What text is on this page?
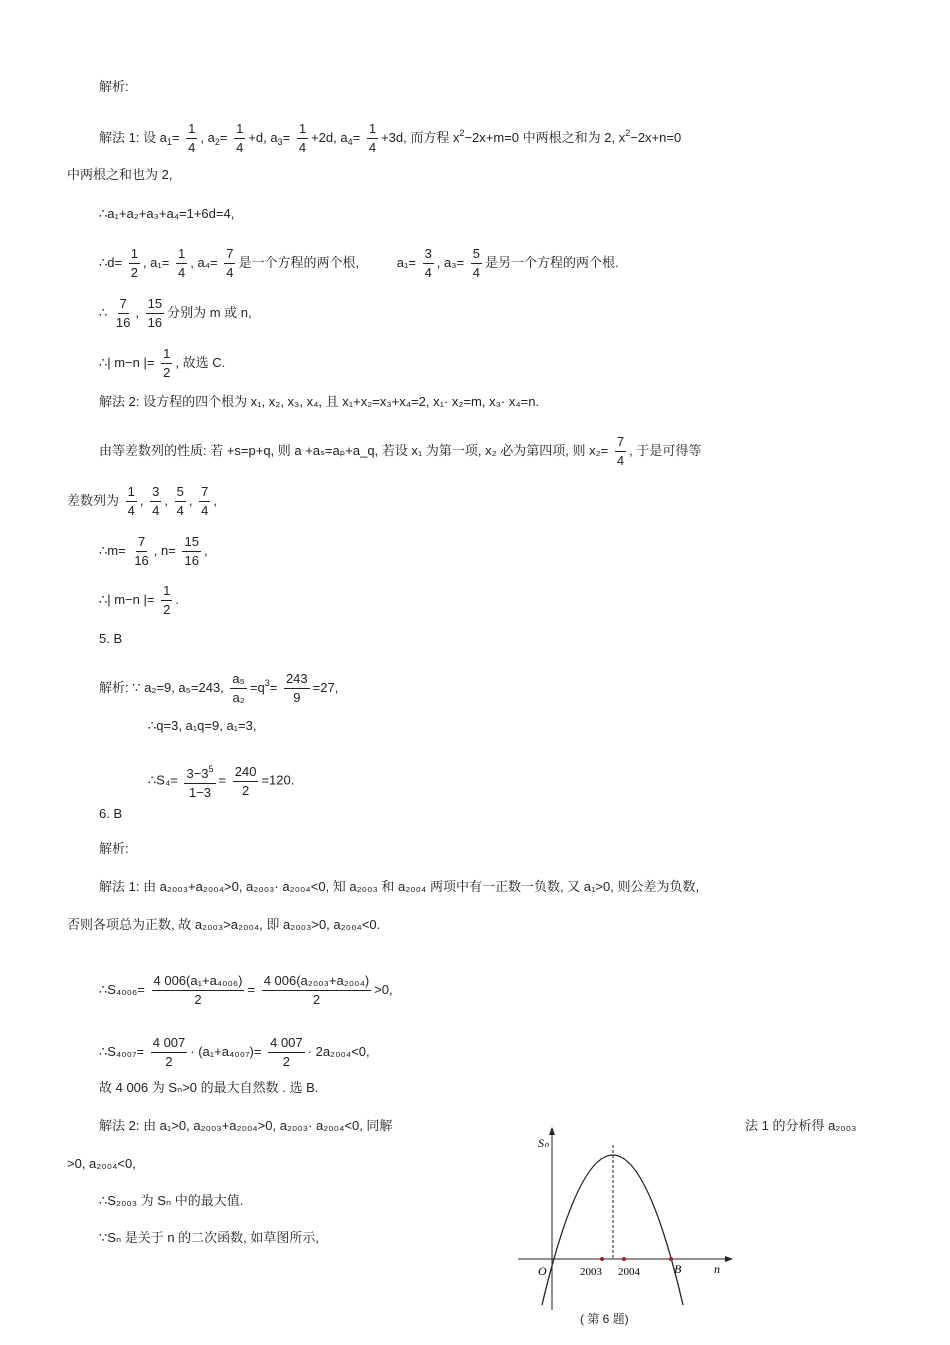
解析:
解法 1: 设 $a_1= \frac{1}{4}$ , $a_2= \frac{1}{4} +d$, $a_3= \frac{1}{4} +2d$, $a_4= \frac{1}{4} +3d$, 而方程 $x^2-2x+m=0$ 中两根之和为 2, $x^2-2x+n=0$
中两根之和也为 2,
∴a₁+a₂+a₃+a₄=1+6d=4,
∴d= $\frac{1}{2}$ , $a_1= \frac{1}{4}$ , $a_4= \frac{7}{4}$ 是一个方程的两个根,	$a_1= \frac{3}{4}$ , $a_3= \frac{5}{4}$ 是另一个方程的两个根.
∴ $\frac{7}{16}$ , $\frac{15}{16}$ 分别为 m 或 n,
∴| m−n |= $\frac{1}{2}$ , 故选 C.
解法 2: 设方程的四个根为 x₁, x₂, x₃, x₄, 且 x₁+x₂=x₃+x₄=2, x₁· x₂=m, x₃· x₄=n.
由等差数列的性质: 若 +s=p+q, 则 a +aₛ=aₚ+a_q, 若设 x₁ 为第一项, x₂ 必为第四项, 则 $x_2= \frac{7}{4}$ , 于是可得等
差数列为 $\frac{1}{4}$ , $\frac{3}{4}$ , $\frac{5}{4}$ , $\frac{7}{4}$ ,
∴m= $\frac{7}{16}$ , $n= \frac{15}{16}$ ,
∴| m−n |= $\frac{1}{2}$ .
5. B
解析: ∵ a₂=9, a₅=243, $\frac{\text{a₅}}{\text{a₂}} =q^3= \frac{243}{9} =27$,
∴q=3, a₁q=9, a₁=3,
∴S₄= $\frac{3-3^5}{1-3} = \frac{240}{2} =120$.
6. B
解析:
解法 1: 由 a₂₀₀₃+a₂₀₀₄>0, a₂₀₀₃· a₂₀₀₄<0, 知 a₂₀₀₃ 和 a₂₀₀₄ 两项中有一正数一负数, 又 a₁>0, 则公差为负数,
否则各项总为正数, 故 a₂₀₀₃>a₂₀₀₄, 即 a₂₀₀₃>0, a₂₀₀₄<0.
∴S₄₀₀₆= $\frac{\text{4 006(a₁+a₄₀₀₆)}}{2} = \frac{\text{4 006(a₂₀₀₃+a₂₀₀₄)}}{2} >0$,
∴S₄₀₀₇= $\frac{4 007}{2} \cdot (a_1+a_{4007})= \frac{4 007}{2} \cdot 2a_{2004}<0$,
故 4 006 为 Sₙ>0 的最大自然数 . 选 B.
解法 2: 由 a₁>0, a₂₀₀₃+a₂₀₀₄>0, a₂₀₀₃· a₂₀₀₄<0, 同解	法 1 的分析得 a₂₀₀₃
>0, a₂₀₀₄<0,
∴S₂₀₀₃ 为 Sₙ 中的最大值.
∵Sₙ 是关于 n 的二次函数, 如草图所示,
Sₙ
O	2003 2004	B	n
( 第 6 题)
